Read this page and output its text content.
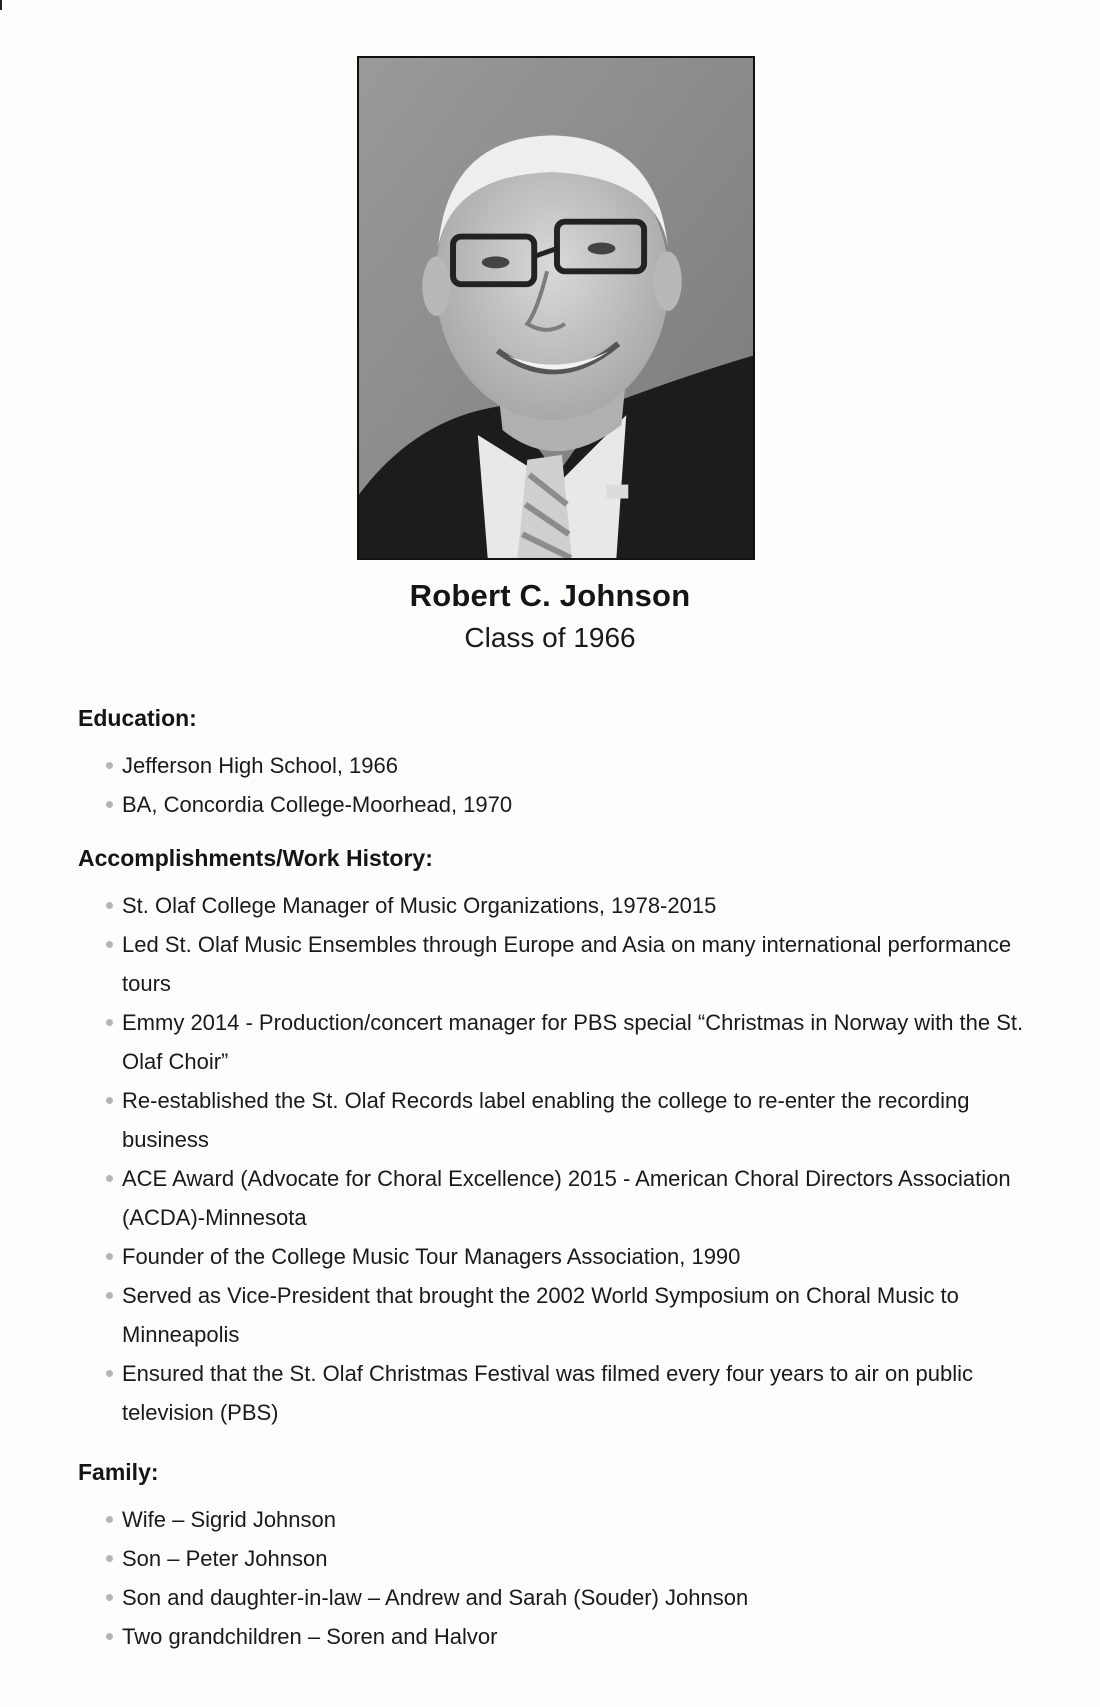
Robert C. Johnson
Class of 1966
Education:
Jefferson High School, 1966
BA, Concordia College-Moorhead, 1970
Accomplishments/Work History:
St. Olaf College Manager of Music Organizations, 1978-2015
Led St. Olaf Music Ensembles through Europe and Asia on many international performance tours
Emmy 2014 - Production/concert manager for PBS special “Christmas in Norway with the St. Olaf Choir”
Re-established the St. Olaf Records label enabling the college to re-enter the recording business
ACE Award (Advocate for Choral Excellence) 2015 - American Choral Directors Association (ACDA)-Minnesota
Founder of the College Music Tour Managers Association, 1990
Served as Vice-President that brought the 2002 World Symposium on Choral Music to Minneapolis
Ensured that the St. Olaf Christmas Festival was filmed every four years to air on public television (PBS)
Family:
Wife – Sigrid Johnson
Son – Peter Johnson
Son and daughter-in-law – Andrew and Sarah (Souder) Johnson
Two grandchildren – Soren and Halvor
